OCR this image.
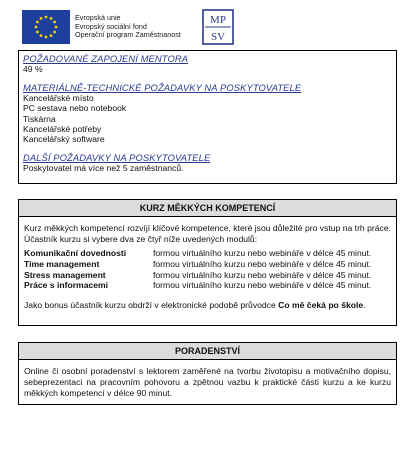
Evropská unie
Evropský sociální fond
Operační program Zaměstnanost
MP
SV

POŽADOVANÉ ZAPOJENÍ MENTORA

49 %

MATERIÁLNĚ-TECHNICKÉ POŽADAVKY NA POSKYTOVATELE

Kancelářské místo

PC sestava nebo notebook

Tiskárna

Kancelářské potřeby

Kancelářský software

DALŠÍ POŽADAVKY NA POSKYTOVATELE

Poskytovatel má více než 5 zaměstnanců.

KURZ MĚKKÝCH KOMPETENCÍ

Kurz měkkých kompetencí rozvíjí klíčové kompetence, které jsou důležité pro vstup na trh práce. Účastník kurzu si vybere dva ze čtyř níže uvedených modulů:

Komunikační dovednosti	formou virtuálního kurzu nebo webináře v délce 45 minut.
Time management	formou virtuálního kurzu nebo webináře v délce 45 minut.
Stress management	formou virtuálního kurzu nebo webináře v délce 45 minut.
Práce s informacemi	formou virtuálního kurzu nebo webináře v délce 45 minut.

Jako bonus účastník kurzu obdrží v elektronické podobě průvodce Co mě čeká po škole.

PORADENSTVÍ

Online či osobní poradenství s lektorem zaměřené na tvorbu životopisu a motivačního dopisu, sebeprezentaci na pracovním pohovoru a zpětnou vazbu k praktické části kurzu a ke kurzu měkkých kompetencí v délce 90 minut.
